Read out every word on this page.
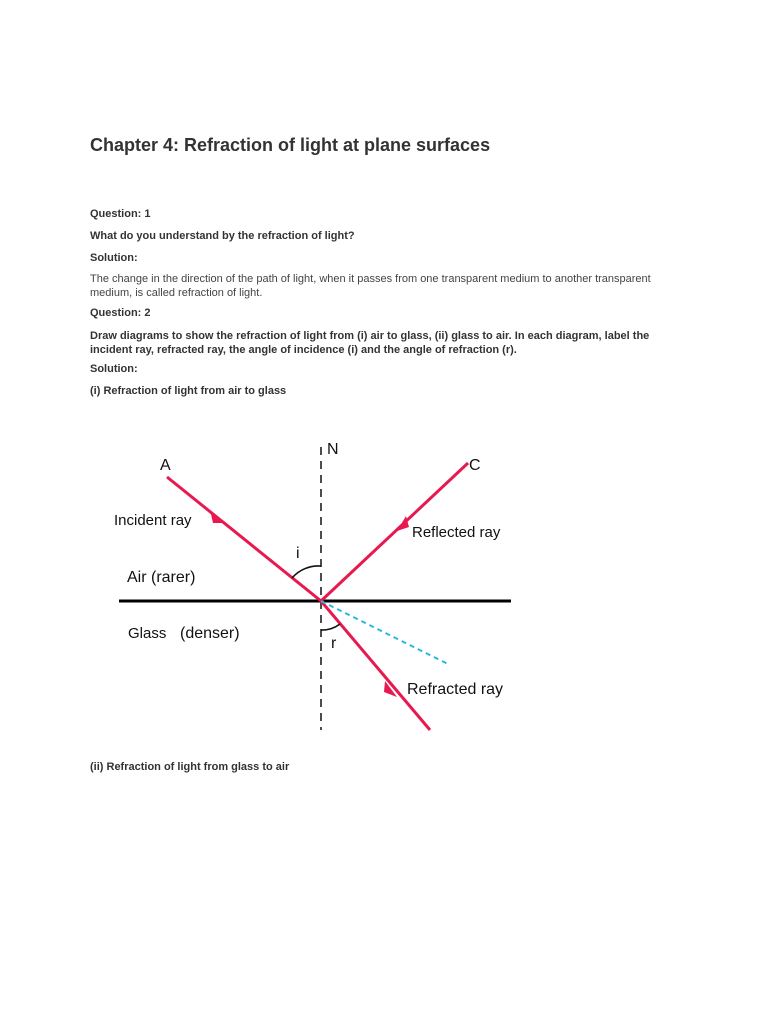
Chapter 4: Refraction of light at plane surfaces

Question: 1

What do you understand by the refraction of light?

Solution:

The change in the direction of the path of light, when it passes from one transparent medium to another transparent medium, is called refraction of light.

Question: 2

Draw diagrams to show the refraction of light from (i) air to glass, (ii) glass to air. In each diagram, label the incident ray, refracted ray, the angle of incidence (i) and the angle of refraction (r).

Solution:

(i) Refraction of light from air to glass

(ii) Refraction of light from glass to air

N
A	C
Incident ray
Reflected ray
i
Air (rarer)
Glass (denser)
r
Refracted ray
